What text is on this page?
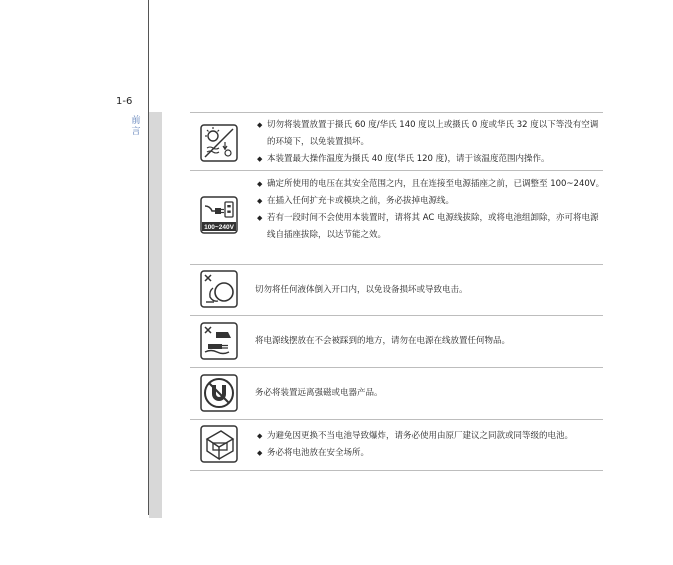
1-6
前言
◆ 切勿将装置放置于摄氏 60 度/华氏 140 度以上或摄氏 0 度或华氏 32 度以下等没有空调的环境下，以免装置损坏。
◆ 本装置最大操作温度为摄氏 40 度(华氏 120 度)，请于该温度范围内操作。
100~240V
◆ 确定所使用的电压在其安全范围之内，且在连接至电源插座之前，已调整至 100~240V。
◆ 在插入任何扩充卡或模块之前，务必拔掉电源线。
◆ 若有一段时间不会使用本装置时，请将其 AC 电源线拔除，或将电池组卸除，亦可将电源线自插座拔除，以达节能之效。
切勿将任何液体倒入开口内，以免设备损坏或导致电击。
将电源线摆放在不会被踩到的地方，请勿在电源在线放置任何物品。
务必将装置远离强磁或电器产品。
◆ 为避免因更换不当电池导致爆炸，请务必使用由原厂建议之同款或同等级的电池。
◆ 务必将电池放在安全场所。
